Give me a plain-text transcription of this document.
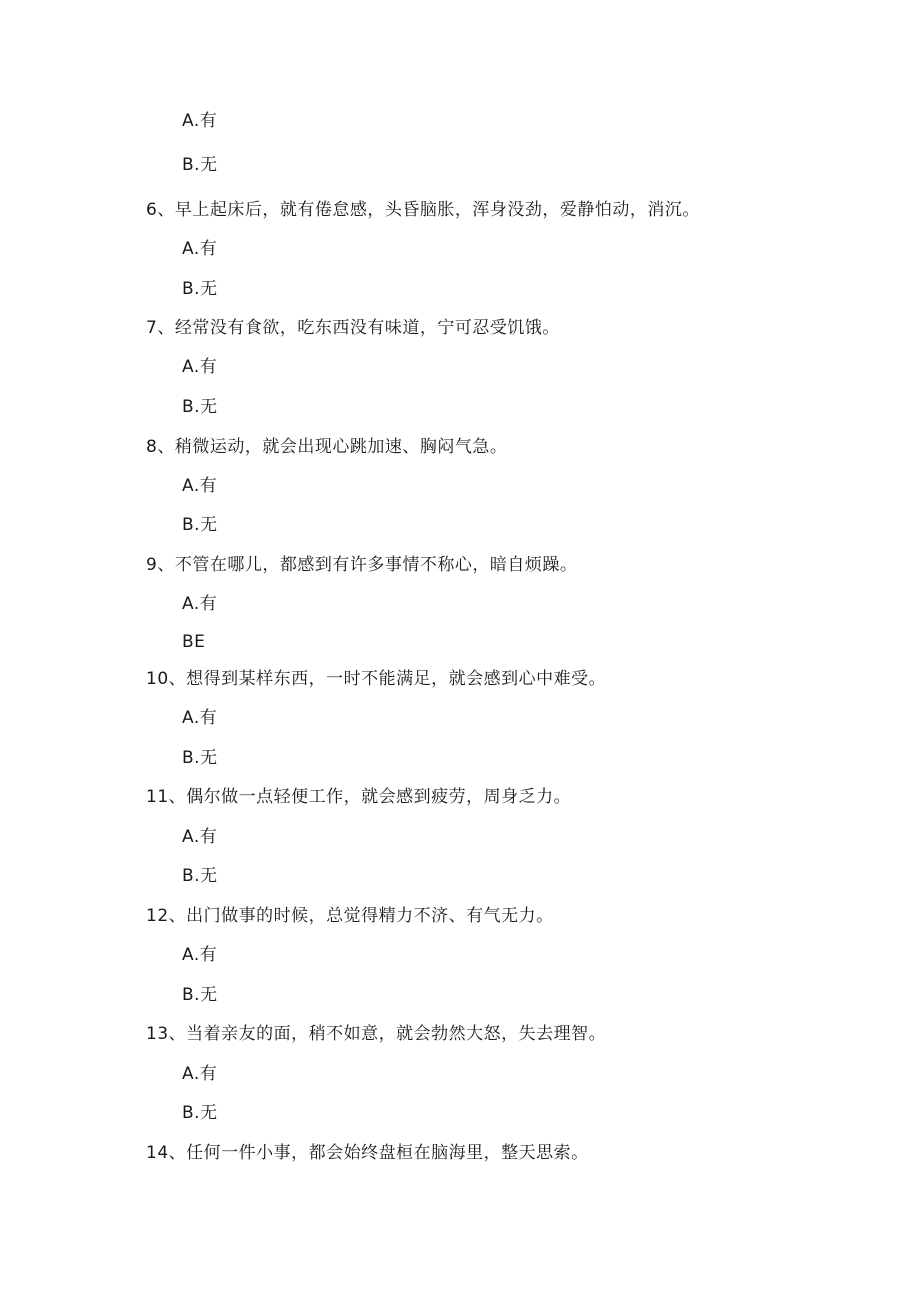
A.有
B.无
6、早上起床后，就有倦怠感，头昏脑胀，浑身没劲，爱静怕动，消沉。
A.有
B.无
7、经常没有食欲，吃东西没有味道，宁可忍受饥饿。
A.有
B.无
8、稍微运动，就会出现心跳加速、胸闷气急。
A.有
B.无
9、不管在哪儿，都感到有许多事情不称心，暗自烦躁。
A.有
BE
10、想得到某样东西，一时不能满足，就会感到心中难受。
A.有
B.无
11、偶尔做一点轻便工作，就会感到疲劳，周身乏力。
A.有
B.无
12、出门做事的时候，总觉得精力不济、有气无力。
A.有
B.无
13、当着亲友的面，稍不如意，就会勃然大怒，失去理智。
A.有
B.无
14、任何一件小事，都会始终盘桓在脑海里，整天思索。
